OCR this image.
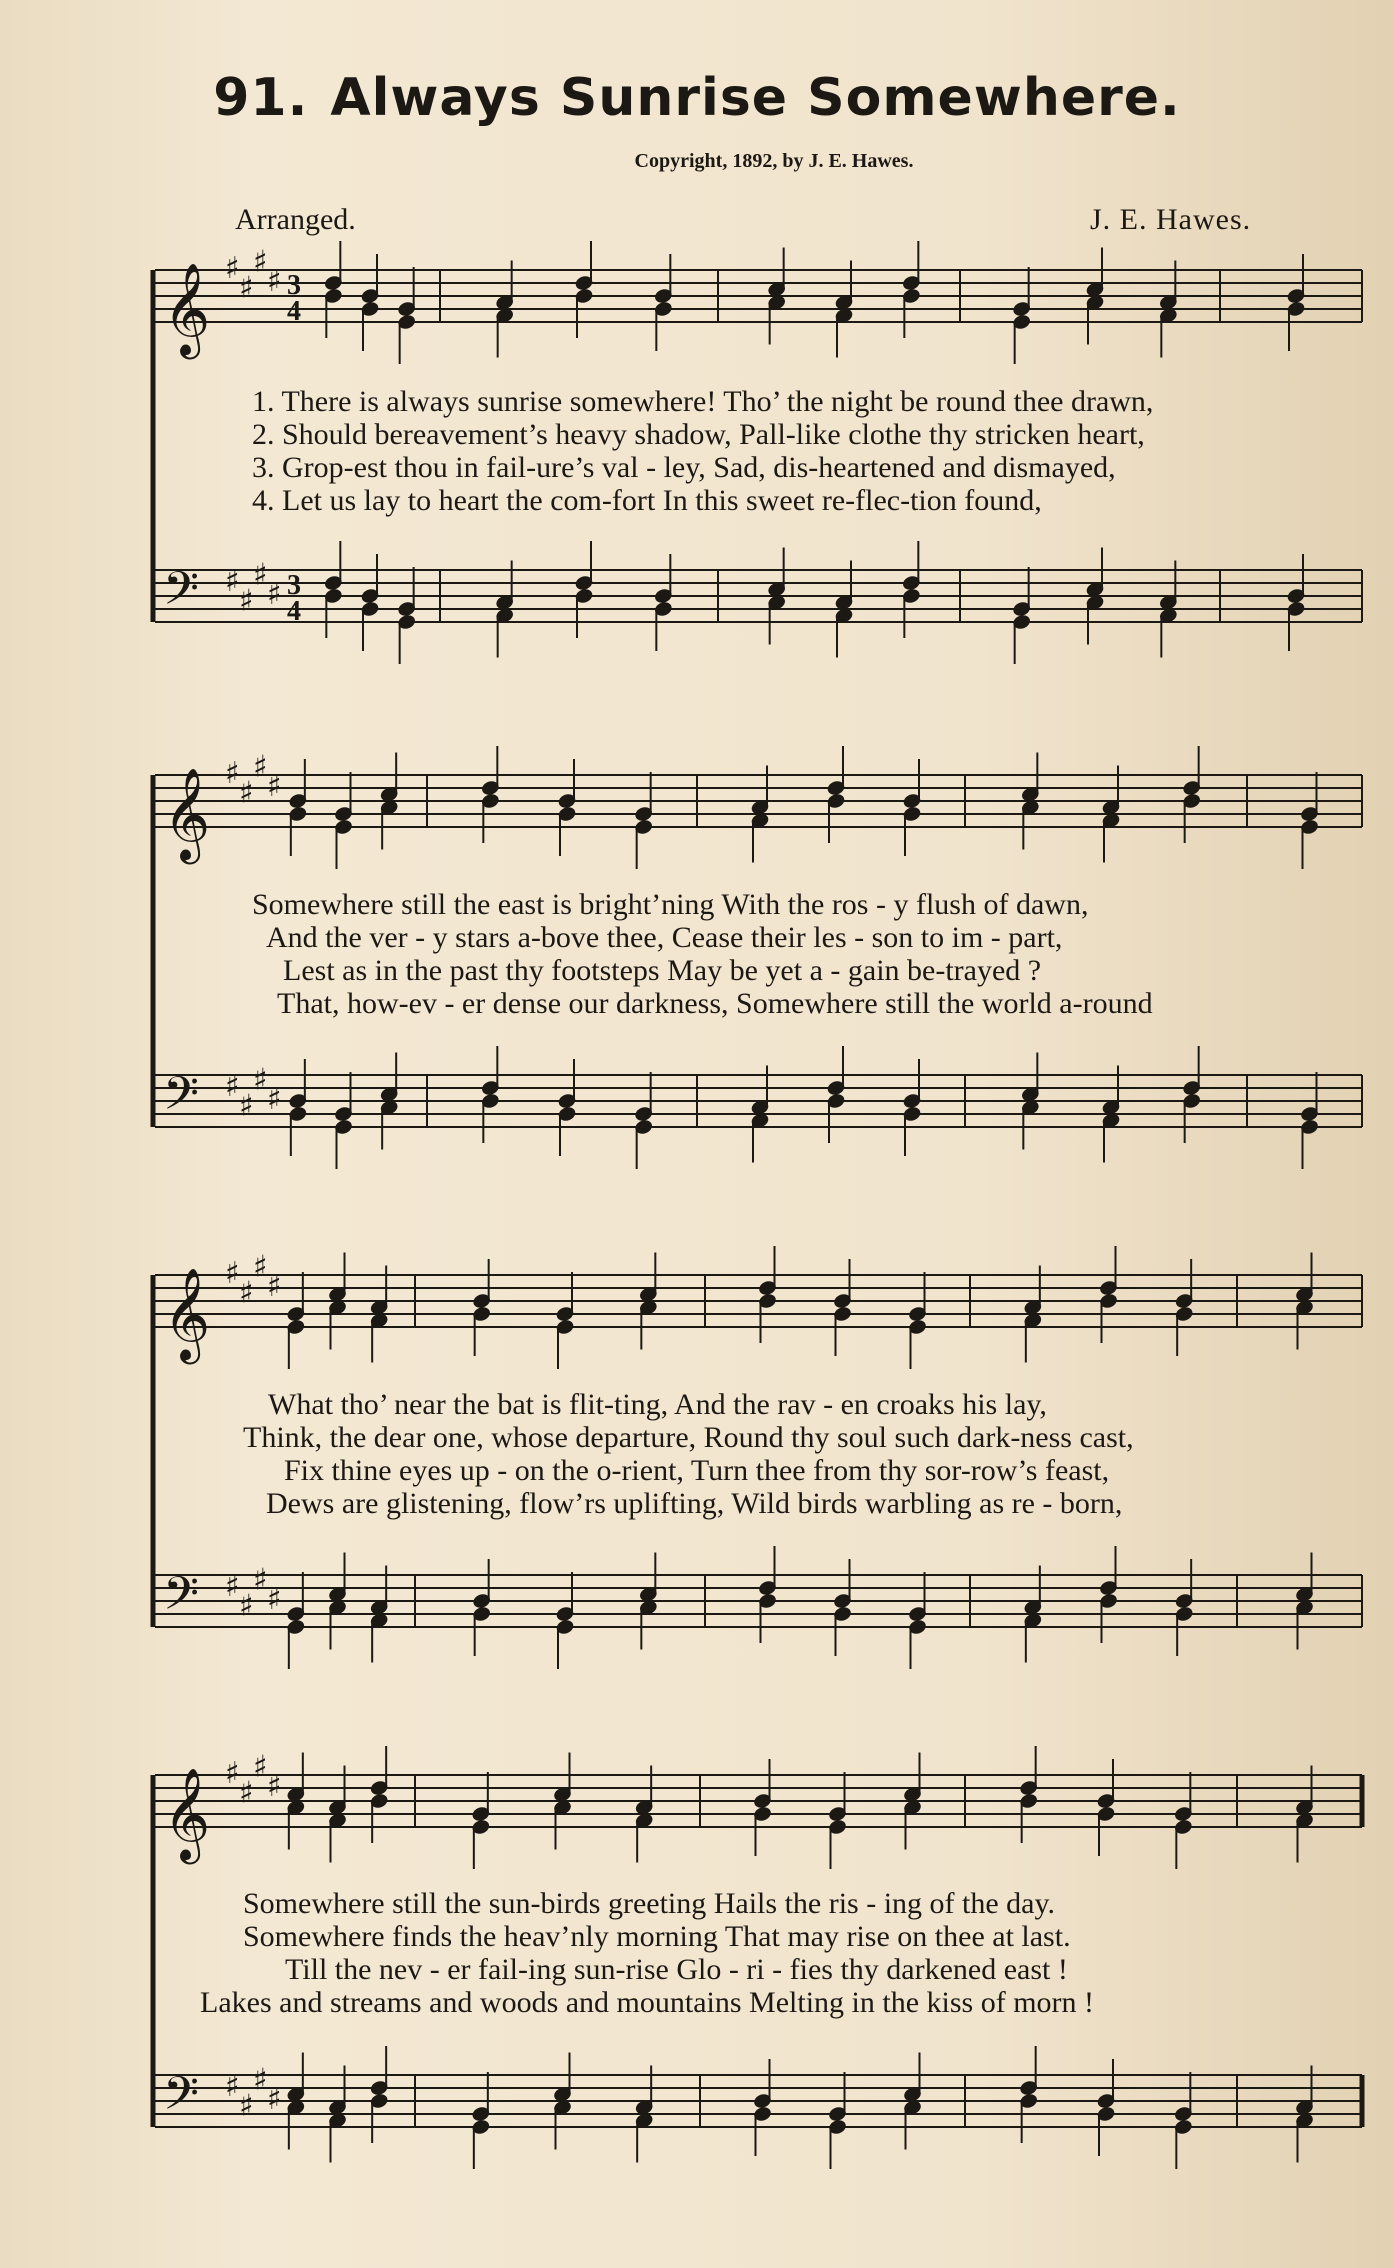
91. Always Sunrise Somewhere.
Copyright, 1892, by J. E. Hawes.
Arranged.	J. E. Hawes.
𝄞 ♯
♯
♯
♯ 3
4
𝄢 ♯
♯
♯
♯ 3
4
𝄞 ♯
♯
♯
♯
𝄢 ♯
♯
♯
♯
𝄞 ♯
♯
♯
♯
𝄢 ♯
♯
♯
♯
𝄞 ♯
♯
♯
♯
𝄢 ♯
♯
♯
♯
1. There is always sunrise somewhere! Tho’ the night be round thee drawn,
2. Should bereavement’s heavy shadow, Pall-like clothe thy stricken heart,
3. Grop-est thou in fail-ure’s val - ley, Sad, dis-heartened and dismayed,
4. Let us lay to heart the com-fort In this sweet re-flec-tion found,
Somewhere still the east is bright’ning With the ros - y flush of dawn,
And the ver - y stars a-bove thee, Cease their les - son to im - part,
Lest as in the past thy footsteps May be yet a - gain be-trayed ?
That, how-ev - er dense our darkness, Somewhere still the world a-round
What tho’ near the bat is flit-ting, And the rav - en croaks his lay,
Think, the dear one, whose departure, Round thy soul such dark-ness cast,
Fix thine eyes up - on the o-rient, Turn thee from thy sor-row’s feast,
Dews are glistening, flow’rs uplifting, Wild birds warbling as re - born,
Somewhere still the sun-birds greeting Hails the ris - ing of the day.
Somewhere finds the heav’nly morning That may rise on thee at last.
Till the nev - er fail-ing sun-rise Glo - ri - fies thy darkened east !
Lakes and streams and woods and mountains Melting in the kiss of morn !
